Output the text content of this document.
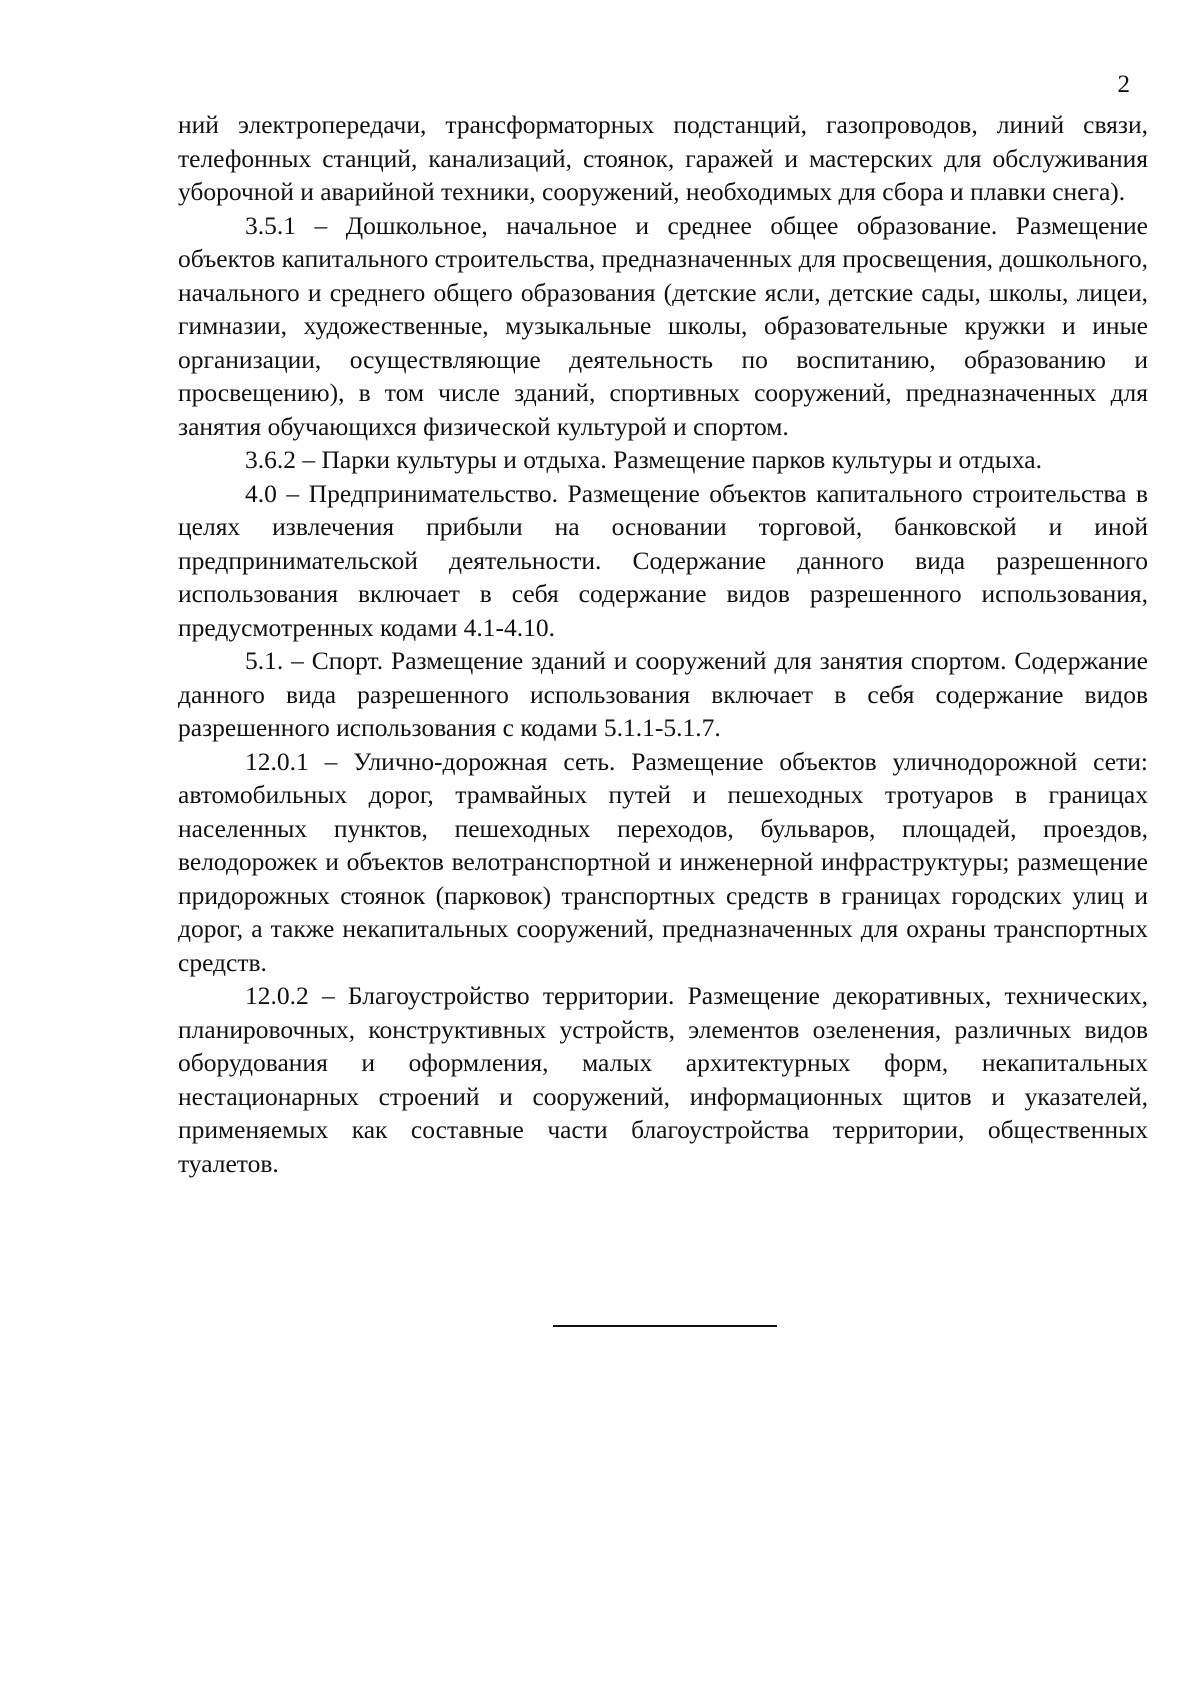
2

ний электропередачи, трансформаторных подстанций, газопроводов, линий связи, телефонных станций, канализаций, стоянок, гаражей и мастерских для обслуживания уборочной и аварийной техники, сооружений, необходимых для сбора и плавки снега).

3.5.1 – Дошкольное, начальное и среднее общее образование. Размещение объектов капитального строительства, предназначенных для просвещения, дошкольного, начального и среднего общего образования (детские ясли, детские сады, школы, лицеи, гимназии, художественные, музыкальные школы, образовательные кружки и иные организации, осуществляющие деятельность по воспитанию, образованию и просвещению), в том числе зданий, спортивных сооружений, предназначенных для занятия обучающихся физической культурой и спортом.

3.6.2 – Парки культуры и отдыха. Размещение парков культуры и отдыха.

4.0 – Предпринимательство. Размещение объектов капитального строительства в целях извлечения прибыли на основании торговой, банковской и иной предпринимательской деятельности. Содержание данного вида разрешенного использования включает в себя содержание видов разрешенного использования, предусмотренных кодами 4.1-4.10.

5.1. – Спорт. Размещение зданий и сооружений для занятия спортом. Содержание данного вида разрешенного использования включает в себя содержание видов разрешенного использования с кодами 5.1.1-5.1.7.

12.0.1 – Улично-дорожная сеть. Размещение объектов уличнодорожной сети: автомобильных дорог, трамвайных путей и пешеходных тротуаров в границах населенных пунктов, пешеходных переходов, бульваров, площадей, проездов, велодорожек и объектов велотранспортной и инженерной инфраструктуры; размещение придорожных стоянок (парковок) транспортных средств в границах городских улиц и дорог, а также некапитальных сооружений, предназначенных для охраны транспортных средств.

12.0.2 – Благоустройство территории. Размещение декоративных, технических, планировочных, конструктивных устройств, элементов озеленения, различных видов оборудования и оформления, малых архитектурных форм, некапитальных нестационарных строений и сооружений, информационных щитов и указателей, применяемых как составные части благоустройства территории, общественных туалетов.
